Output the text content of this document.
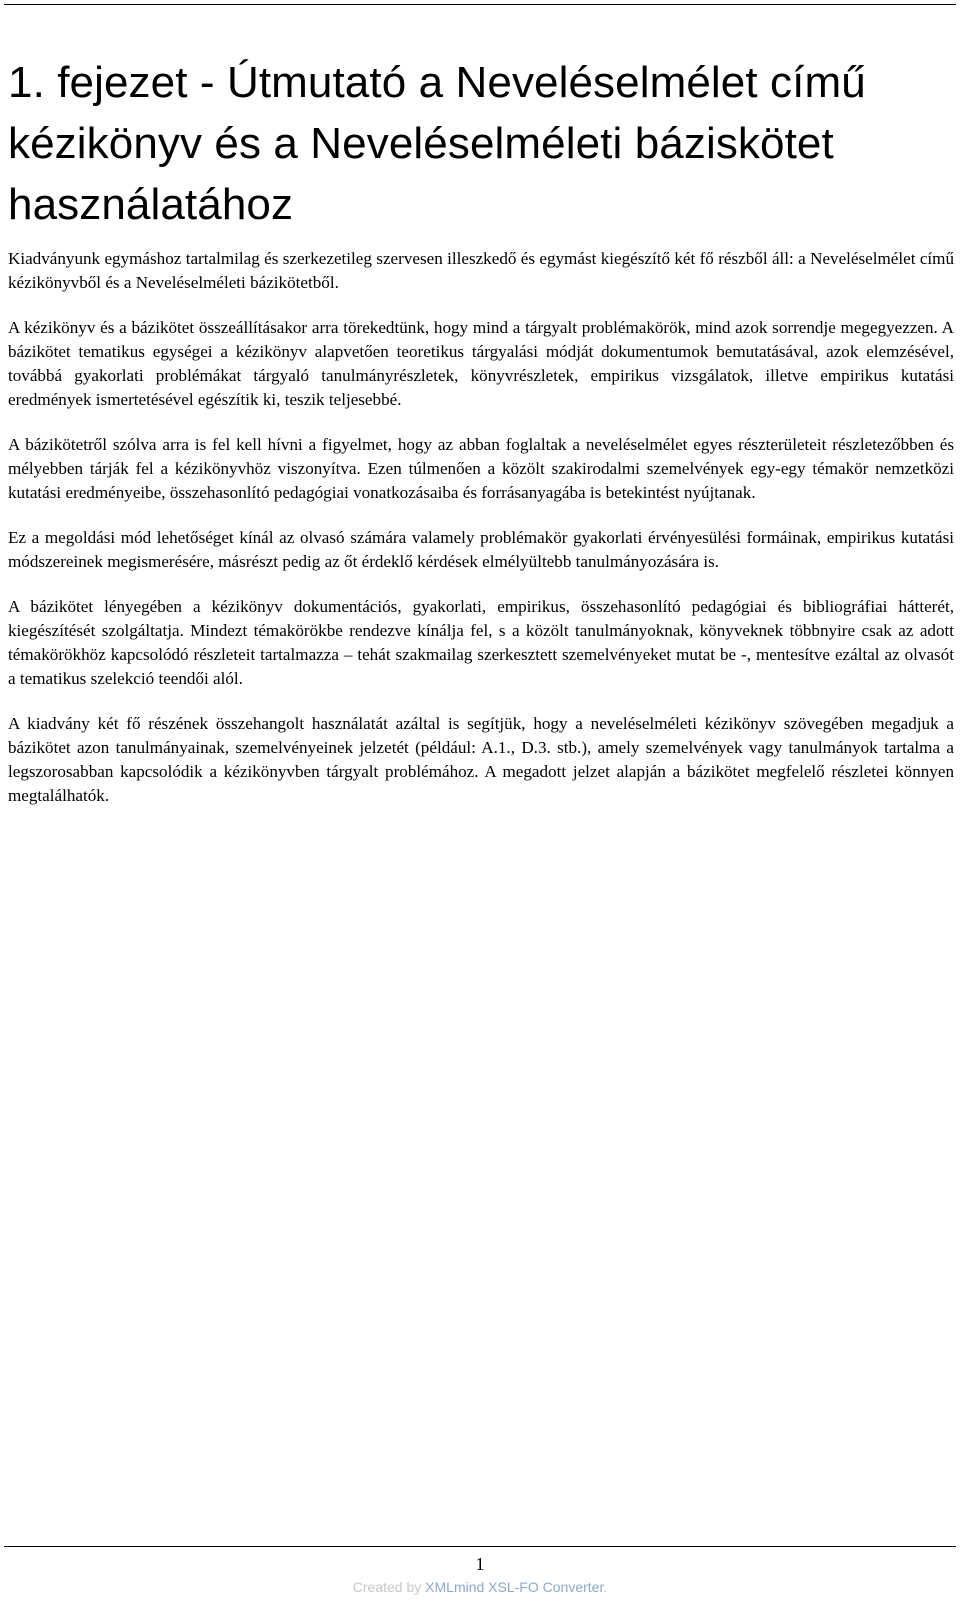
1. fejezet - Útmutató a Neveléselmélet című kézikönyv és a Neveléselméleti báziskötet használatához

Kiadványunk egymáshoz tartalmilag és szerkezetileg szervesen illeszkedő és egymást kiegészítő két fő részből áll: a Neveléselmélet című kézikönyvből és a Neveléselméleti bázikötetből.

A kézikönyv és a bázikötet összeállításakor arra törekedtünk, hogy mind a tárgyalt problémakörök, mind azok sorrendje megegyezzen. A bázikötet tematikus egységei a kézikönyv alapvetően teoretikus tárgyalási módját dokumentumok bemutatásával, azok elemzésével, továbbá gyakorlati problémákat tárgyaló tanulmányrészletek, könyvrészletek, empirikus vizsgálatok, illetve empirikus kutatási eredmények ismertetésével egészítik ki, teszik teljesebbé.

A bázikötetről szólva arra is fel kell hívni a figyelmet, hogy az abban foglaltak a neveléselmélet egyes részterületeit részletezőbben és mélyebben tárják fel a kézikönyvhöz viszonyítva. Ezen túlmenően a közölt szakirodalmi szemelvények egy-egy témakör nemzetközi kutatási eredményeibe, összehasonlító pedagógiai vonatkozásaiba és forrásanyagába is betekintést nyújtanak.

Ez a megoldási mód lehetőséget kínál az olvasó számára valamely problémakör gyakorlati érvényesülési formáinak, empirikus kutatási módszereinek megismerésére, másrészt pedig az őt érdeklő kérdések elmélyültebb tanulmányozására is.

A bázikötet lényegében a kézikönyv dokumentációs, gyakorlati, empirikus, összehasonlító pedagógiai és bibliográfiai hátterét, kiegészítését szolgáltatja. Mindezt témakörökbe rendezve kínálja fel, s a közölt tanulmányoknak, könyveknek többnyire csak az adott témakörökhöz kapcsolódó részleteit tartalmazza – tehát szakmailag szerkesztett szemelvényeket mutat be -, mentesítve ezáltal az olvasót a tematikus szelekció teendői alól.

A kiadvány két fő részének összehangolt használatát azáltal is segítjük, hogy a neveléselméleti kézikönyv szövegében megadjuk a bázikötet azon tanulmányainak, szemelvényeinek jelzetét (például: A.1., D.3. stb.), amely szemelvények vagy tanulmányok tartalma a legszorosabban kapcsolódik a kézikönyvben tárgyalt problémához. A megadott jelzet alapján a bázikötet megfelelő részletei könnyen megtalálhatók.

1
Created by XMLmind XSL-FO Converter.
